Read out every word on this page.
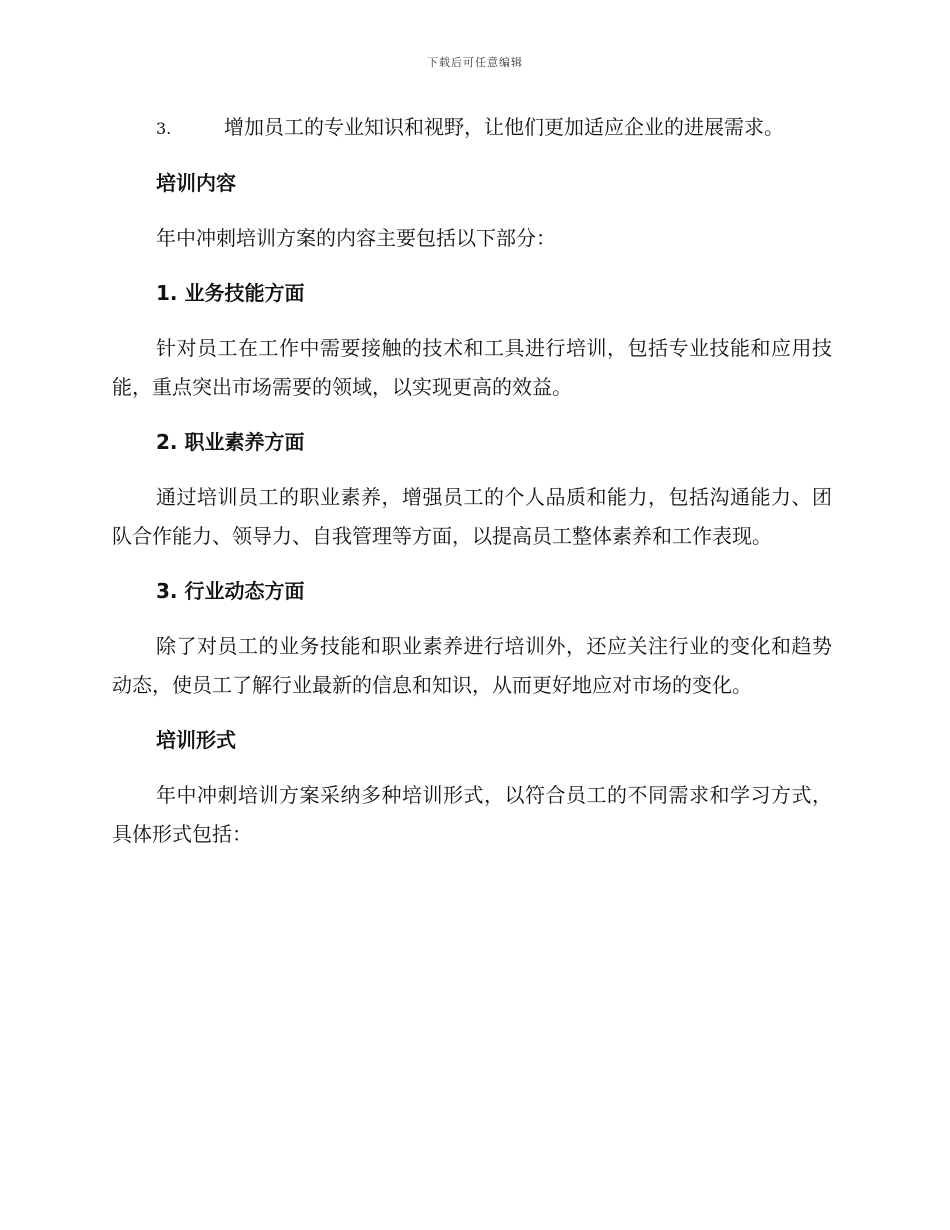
下载后可任意编辑

3.	增加员工的专业知识和视野，让他们更加适应企业的进展需求。

培训内容

年中冲刺培训方案的内容主要包括以下部分：

1. 业务技能方面

针对员工在工作中需要接触的技术和工具进行培训，包括专业技能和应用技能，重点突出市场需要的领域，以实现更高的效益。

2. 职业素养方面

通过培训员工的职业素养，增强员工的个人品质和能力，包括沟通能力、团队合作能力、领导力、自我管理等方面，以提高员工整体素养和工作表现。

3. 行业动态方面

除了对员工的业务技能和职业素养进行培训外，还应关注行业的变化和趋势动态，使员工了解行业最新的信息和知识，从而更好地应对市场的变化。

培训形式

年中冲刺培训方案采纳多种培训形式，以符合员工的不同需求和学习方式，具体形式包括：
